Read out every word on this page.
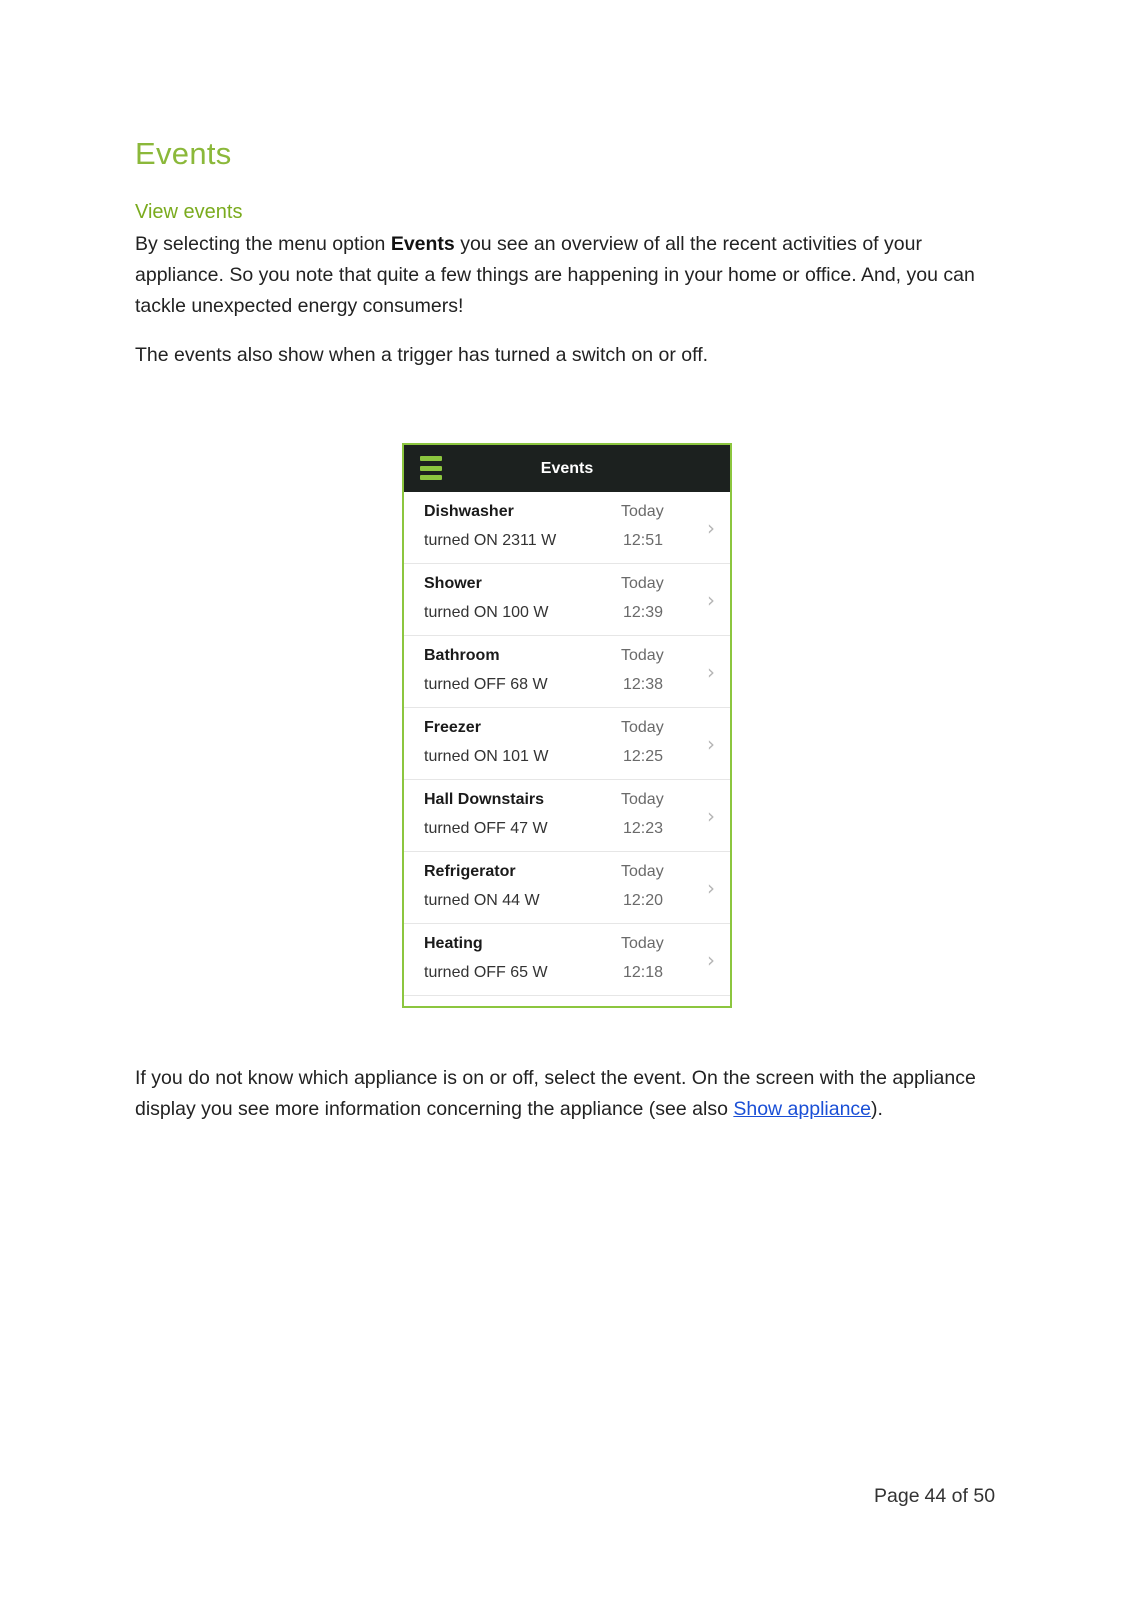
Events
View events

By selecting the menu option Events you see an overview of all the recent activities of your appliance. So you note that quite a few things are happening in your home or office. And, you can tackle unexpected energy consumers!

The events also show when a trigger has turned a switch on or off.

Events
Dishwasher
turned ON 2311 W
Today
12:51
›
Shower
turned ON 100 W
Today
12:39
›
Bathroom
turned OFF 68 W
Today
12:38
›
Freezer
turned ON 101 W
Today
12:25
›
Hall Downstairs
turned OFF 47 W
Today
12:23
›
Refrigerator
turned ON 44 W
Today
12:20
›
Heating
turned OFF 65 W
Today
12:18
›

If you do not know which appliance is on or off, select the event. On the screen with the appliance display you see more information concerning the appliance (see also Show appliance).

Page 44 of 50
